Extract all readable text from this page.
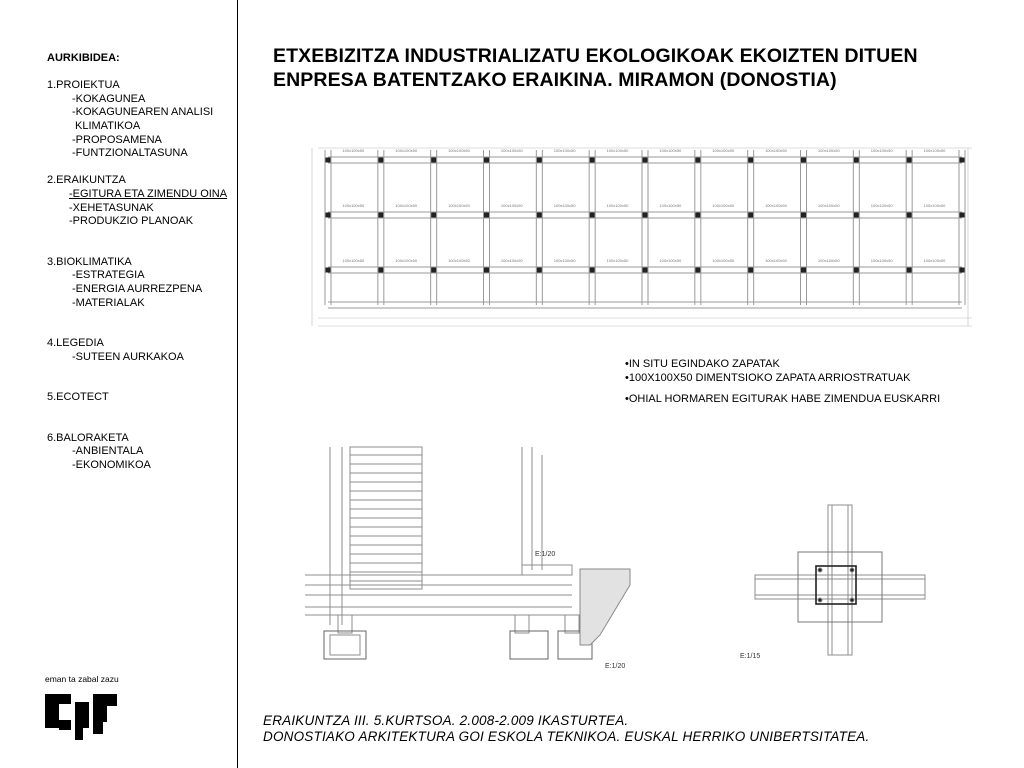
AURKIBIDEA:
1.PROIEKTUA
-KOKAGUNEA
-KOKAGUNEAREN ANALISI
KLIMATIKOA
-PROPOSAMENA
-FUNTZIONALTASUNA
2.ERAIKUNTZA
-EGITURA ETA ZIMENDU OINA
-XEHETASUNAK
-PRODUKZIO PLANOAK
3.BIOKLIMATIKA
-ESTRATEGIA
-ENERGIA AURREZPENA
-MATERIALAK
4.LEGEDIA
-SUTEEN AURKAKOA
5.ECOTECT
6.BALORAKETA
-ANBIENTALA
-EKONOMIKOA
ETXEBIZITZA INDUSTRIALIZATU EKOLOGIKOAK EKOIZTEN DITUEN
ENPRESA BATENTZAKO ERAIKINA. MIRAMON (DONOSTIA)
100x100x50	100x100x50	100x100x50	100x100x50	100x100x50	100x100x50	100x100x50	100x100x50	100x100x50	100x100x50	100x100x50	100x100x50
100x100x50	100x100x50	100x100x50	100x100x50	100x100x50	100x100x50	100x100x50	100x100x50	100x100x50	100x100x50	100x100x50	100x100x50
100x100x50	100x100x50	100x100x50	100x100x50	100x100x50	100x100x50	100x100x50	100x100x50	100x100x50	100x100x50	100x100x50	100x100x50
•IN SITU EGINDAKO ZAPATAK
•100X100X50 DIMENTSIOKO ZAPATA ARRIOSTRATUAK
•OHIAL HORMAREN EGITURAK HABE ZIMENDUA EUSKARRI
E:1/20
E:1/20
E:1/15
eman ta zabal zazu
ERAIKUNTZA III. 5.KURTSOA. 2.008-2.009 IKASTURTEA.
DONOSTIAKO ARKITEKTURA GOI ESKOLA TEKNIKOA. EUSKAL HERRIKO UNIBERTSITATEA.
